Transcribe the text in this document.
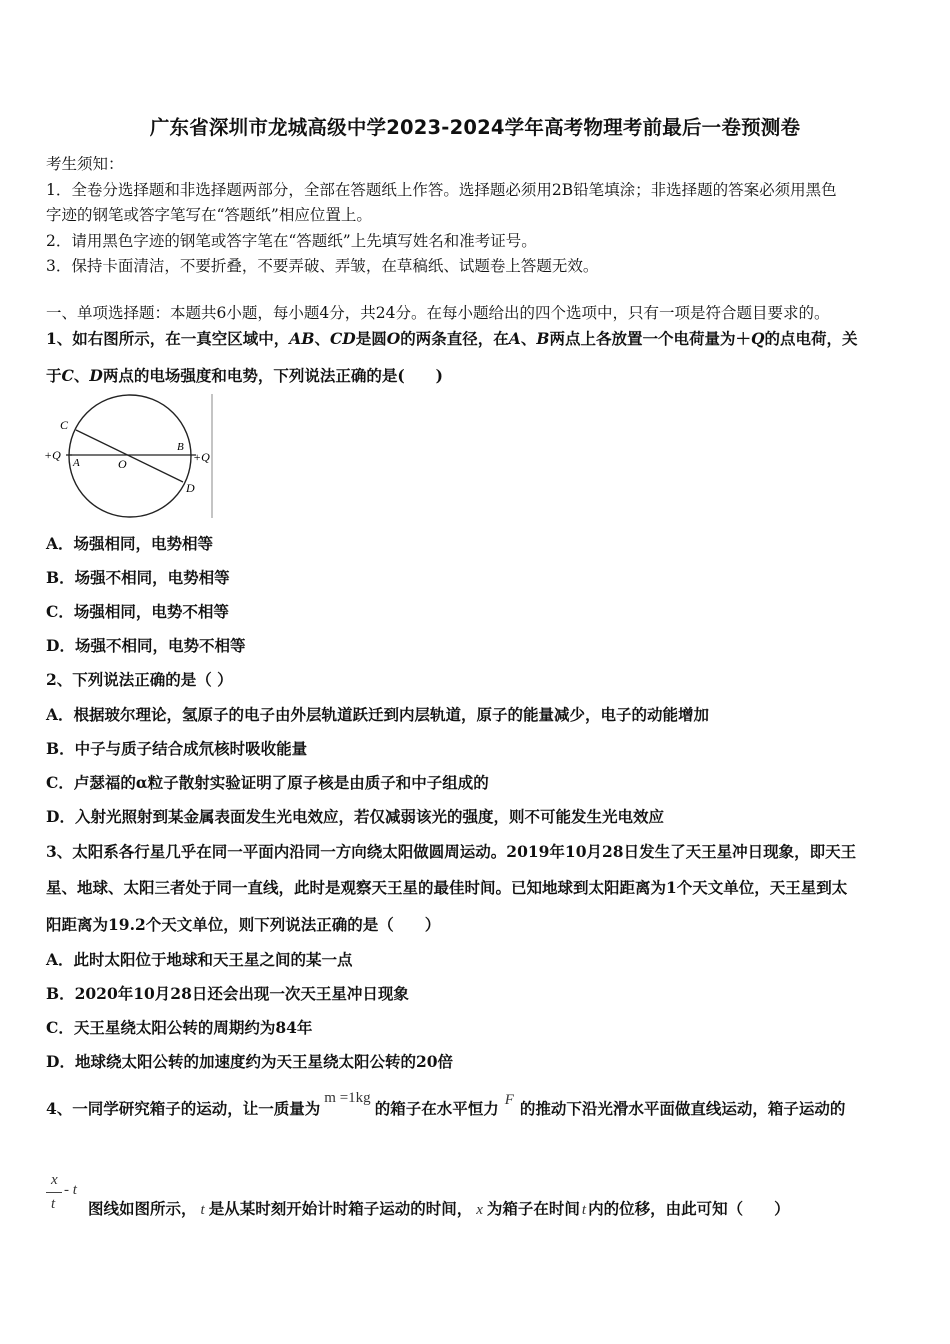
广东省深圳市龙城高级中学2023-2024学年高考物理考前最后一卷预测卷
考生须知：
1．全卷分选择题和非选择题两部分，全部在答题纸上作答。选择题必须用2B铅笔填涂；非选择题的答案必须用黑色
字迹的钢笔或答字笔写在“答题纸”相应位置上。
2．请用黑色字迹的钢笔或答字笔在“答题纸”上先填写姓名和准考证号。
3．保持卡面清洁，不要折叠，不要弄破、弄皱，在草稿纸、试题卷上答题无效。
一、单项选择题：本题共6小题，每小题4分，共24分。在每小题给出的四个选项中，只有一项是符合题目要求的。
1、如右图所示，在一真空区域中，AB、CD是圆O的两条直径，在A、B两点上各放置一个电荷量为＋Q的点电荷，关
于C、D两点的电场强度和电势，下列说法正确的是(　　)
C
D
A
B
O
+Q	+Q
A．场强相同，电势相等
B．场强不相同，电势相等
C．场强相同，电势不相等
D．场强不相同，电势不相等
2、下列说法正确的是（ ）
A．根据玻尔理论，氢原子的电子由外层轨道跃迁到内层轨道，原子的能量减少，电子的动能增加
B．中子与质子结合成氘核时吸收能量
C．卢瑟福的α粒子散射实验证明了原子核是由质子和中子组成的
D．入射光照射到某金属表面发生光电效应，若仅减弱该光的强度，则不可能发生光电效应
3、太阳系各行星几乎在同一平面内沿同一方向绕太阳做圆周运动。2019年10月28日发生了天王星冲日现象，即天王
星、地球、太阳三者处于同一直线，此时是观察天王星的最佳时间。已知地球到太阳距离为1个天文单位，天王星到太
阳距离为19.2个天文单位，则下列说法正确的是（　　）
A．此时太阳位于地球和天王星之间的某一点
B．2020年10月28日还会出现一次天王星冲日现象
C．天王星绕太阳公转的周期约为84年
D．地球绕太阳公转的加速度约为天王星绕太阳公转的20倍
4、一同学研究箱子的运动，让一质量为m =1kg的箱子在水平恒力 F 的推动下沿光滑水平面做直线运动，箱子运动的
x
t
- t
图线如图所示， t 是从某时刻开始计时箱子运动的时间， x 为箱子在时间 t 内的位移，由此可知（　　）
